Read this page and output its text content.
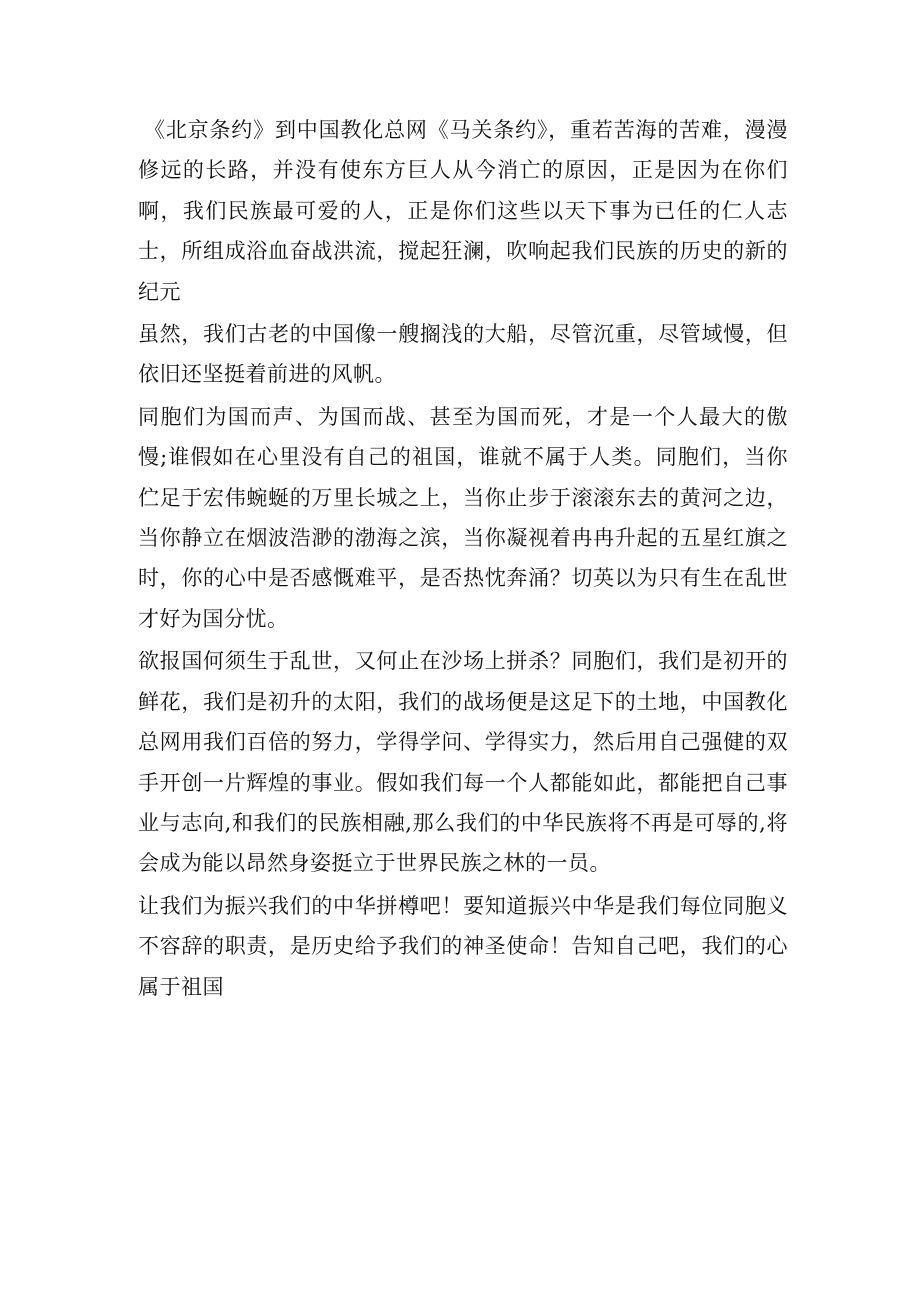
《北京条约》到中国教化总网《马关条约》，重若苦海的苦难，漫漫修远的长路，并没有使东方巨人从今消亡的原因，正是因为在你们啊，我们民族最可爱的人，正是你们这些以天下事为已任的仁人志士，所组成浴血奋战洪流，搅起狂澜，吹响起我们民族的历史的新的纪元

虽然，我们古老的中国像一艘搁浅的大船，尽管沉重，尽管域慢，但依旧还坚挺着前进的风帆。

同胞们为国而声、为国而战、甚至为国而死，才是一个人最大的傲慢;谁假如在心里没有自己的祖国，谁就不属于人类。同胞们，当你伫足于宏伟蜿蜒的万里长城之上，当你止步于滚滚东去的黄河之边，当你静立在烟波浩渺的渤海之滨，当你凝视着冉冉升起的五星红旗之时，你的心中是否感慨难平，是否热忱奔涌？切英以为只有生在乱世才好为国分忧。

欲报国何须生于乱世，又何止在沙场上拼杀？同胞们，我们是初开的鲜花，我们是初升的太阳，我们的战场便是这足下的土地，中国教化总网用我们百倍的努力，学得学问、学得实力，然后用自己强健的双手开创一片辉煌的事业。假如我们每一个人都能如此，都能把自己事业与志向,和我们的民族相融,那么我们的中华民族将不再是可辱的,将会成为能以昂然身姿挺立于世界民族之林的一员。

让我们为振兴我们的中华拼樽吧！要知道振兴中华是我们每位同胞义不容辞的职责，是历史给予我们的神圣使命！告知自己吧，我们的心属于祖国
